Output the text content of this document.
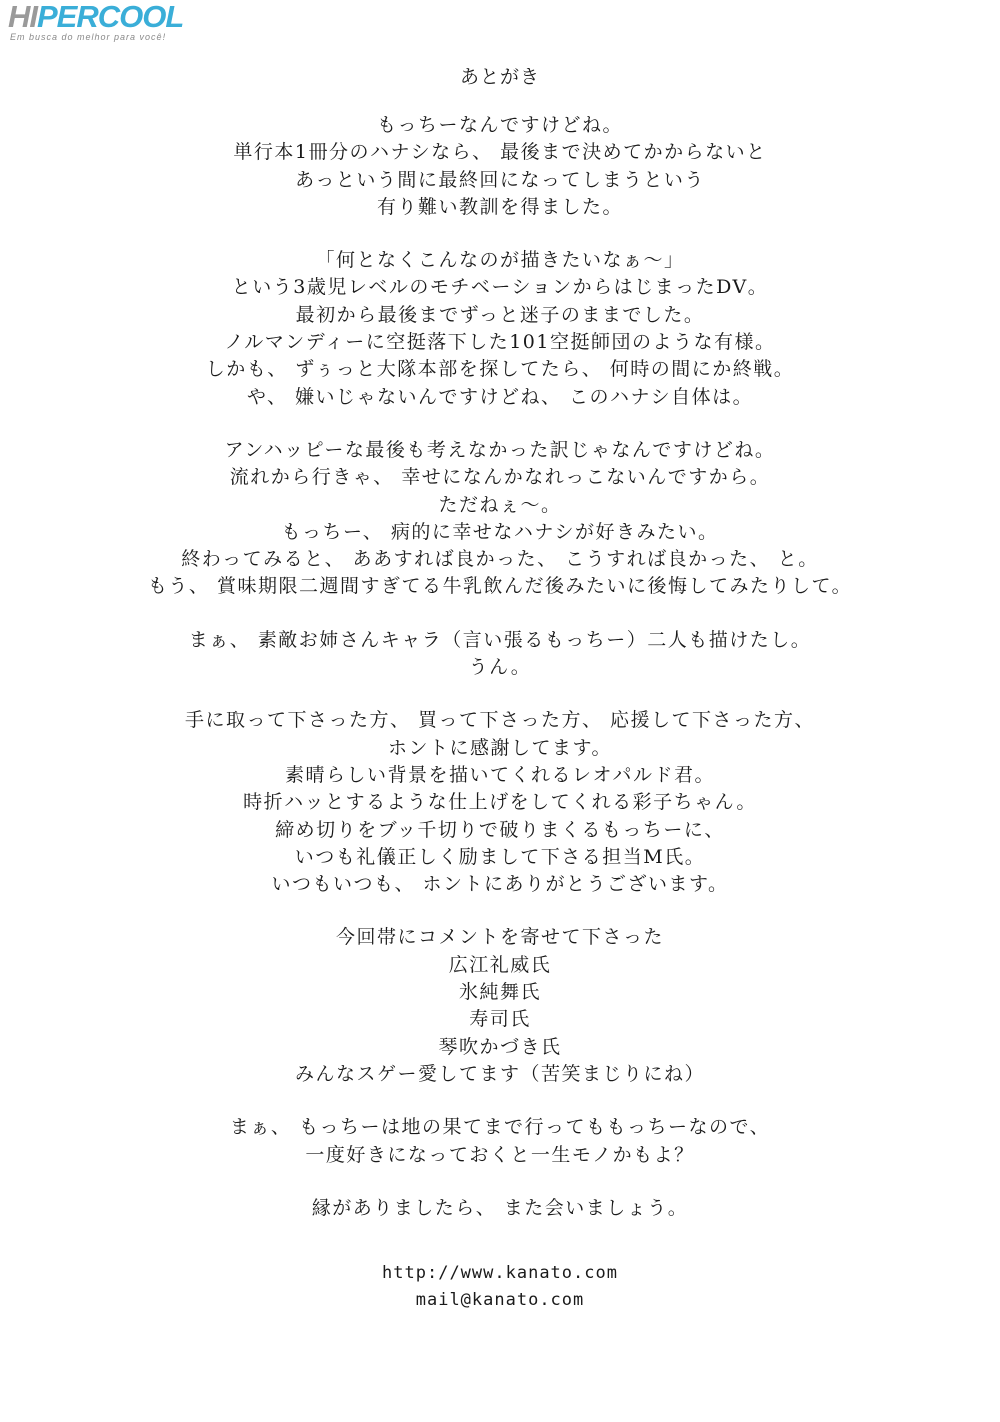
HIPERCOOL
Em busca do melhor para você!
あとがき
もっちーなんですけどね。
単行本1冊分のハナシなら、 最後まで決めてかからないと
あっという間に最終回になってしまうという
有り難い教訓を得ました。
「何となくこんなのが描きたいなぁ～」
という3歳児レベルのモチベーションからはじまったDV。
最初から最後までずっと迷子のままでした。
ノルマンディーに空挺落下した101空挺師団のような有様。
しかも、 ずぅっと大隊本部を探してたら、 何時の間にか終戦。
や、 嫌いじゃないんですけどね、 このハナシ自体は。
アンハッピーな最後も考えなかった訳じゃなんですけどね。
流れから行きゃ、 幸せになんかなれっこないんですから。
ただねぇ～。
もっちー、 病的に幸せなハナシが好きみたい。
終わってみると、 ああすれば良かった、 こうすれば良かった、 と。
もう、 賞味期限二週間すぎてる牛乳飲んだ後みたいに後悔してみたりして。
まぁ、 素敵お姉さんキャラ（言い張るもっちー）二人も描けたし。
うん。
手に取って下さった方、 買って下さった方、 応援して下さった方、
ホントに感謝してます。
素晴らしい背景を描いてくれるレオパルド君。
時折ハッとするような仕上げをしてくれる彩子ちゃん。
締め切りをブッ千切りで破りまくるもっちーに、
いつも礼儀正しく励まして下さる担当M氏。
いつもいつも、 ホントにありがとうございます。
今回帯にコメントを寄せて下さった
広江礼威氏
氷純舞氏
寿司氏
琴吹かづき氏
みんなスゲー愛してます（苦笑まじりにね）
まぁ、 もっちーは地の果てまで行ってももっちーなので、
一度好きになっておくと一生モノかもよ？
縁がありましたら、 また会いましょう。
http://www.kanato.com
mail@kanato.com
